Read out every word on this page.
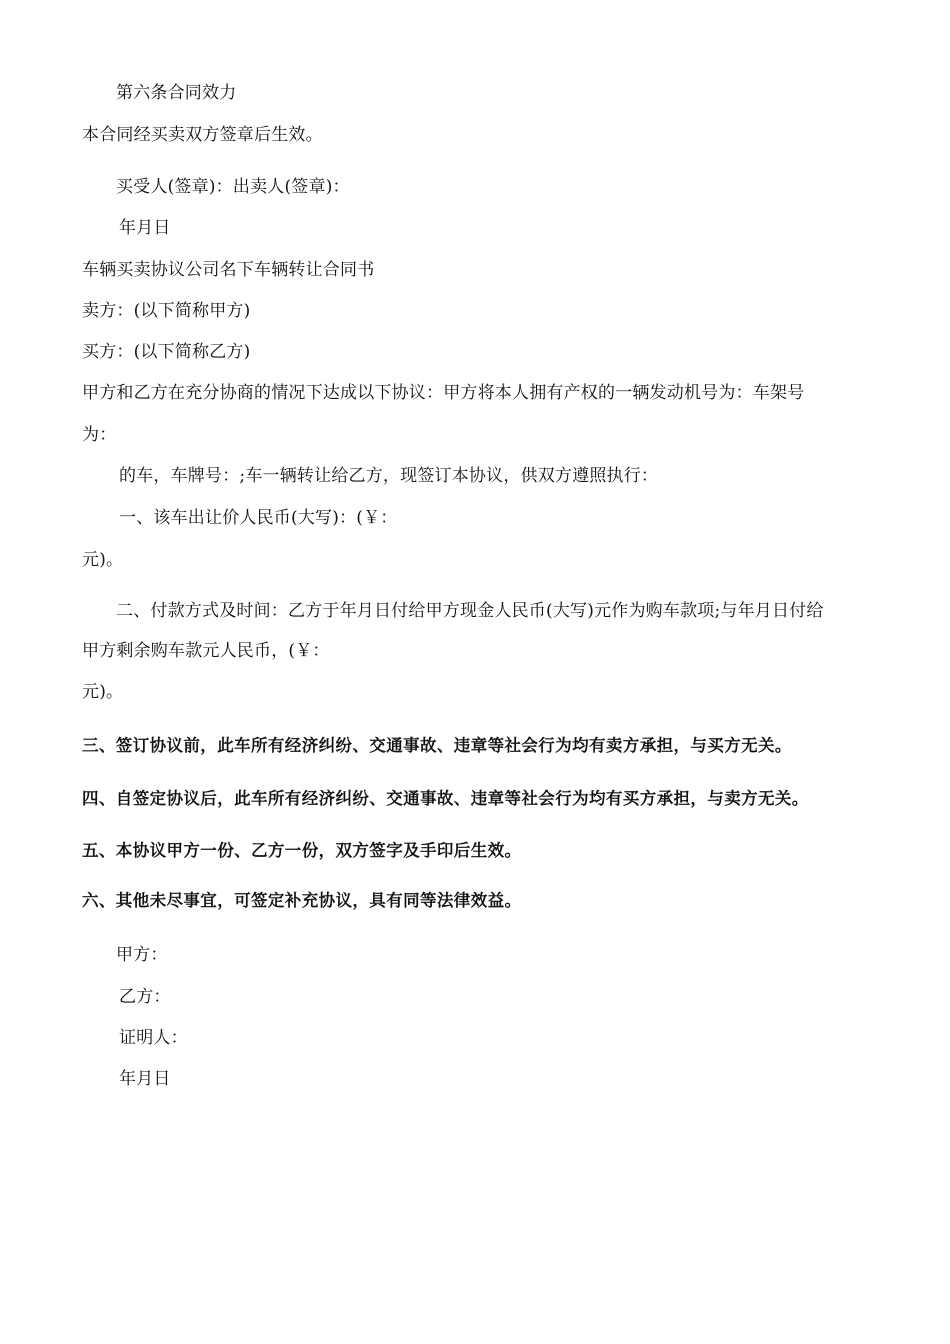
第六条合同效力
本合同经买卖双方签章后生效。
买受人(签章)：出卖人(签章)：
年月日
车辆买卖协议公司名下车辆转让合同书
卖方：(以下简称甲方)
买方：(以下简称乙方)
甲方和乙方在充分协商的情况下达成以下协议：甲方将本人拥有产权的一辆发动机号为：车架号
为：
的车，车牌号：;车一辆转让给乙方，现签订本协议，供双方遵照执行：
一、该车出让价人民币(大写)：(￥：
元)。
二、付款方式及时间：乙方于年月日付给甲方现金人民币(大写)元作为购车款项;与年月日付给
甲方剩余购车款元人民币，(￥：
元)。
三、签订协议前，此车所有经济纠纷、交通事故、违章等社会行为均有卖方承担，与买方无关。
四、自签定协议后，此车所有经济纠纷、交通事故、违章等社会行为均有买方承担，与卖方无关。
五、本协议甲方一份、乙方一份，双方签字及手印后生效。
六、其他未尽事宜，可签定补充协议，具有同等法律效益。
甲方：
乙方：
证明人：
年月日
